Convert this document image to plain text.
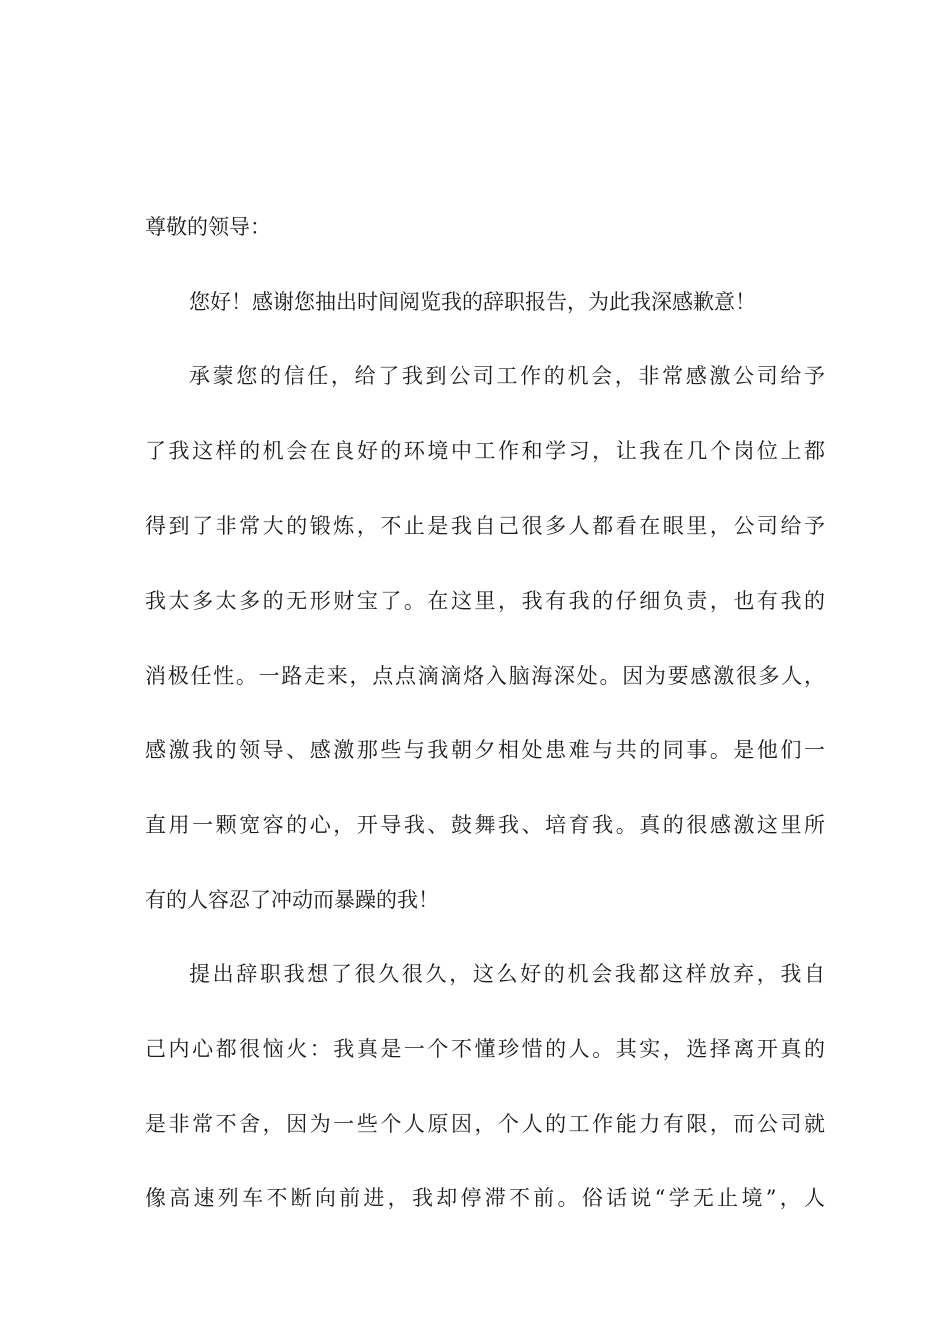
尊敬的领导：
您好！感谢您抽出时间阅览我的辞职报告，为此我深感歉意！
承蒙您的信任，给了我到公司工作的机会，非常感激公司给予
了我这样的机会在良好的环境中工作和学习，让我在几个岗位上都
得到了非常大的锻炼，不止是我自己很多人都看在眼里，公司给予
我太多太多的无形财宝了。在这里，我有我的仔细负责，也有我的
消极任性。一路走来，点点滴滴烙入脑海深处。因为要感激很多人，
感激我的领导、感激那些与我朝夕相处患难与共的同事。是他们一
直用一颗宽容的心，开导我、鼓舞我、培育我。真的很感激这里所
有的人容忍了冲动而暴躁的我！
提出辞职我想了很久很久，这么好的机会我都这样放弃，我自
己内心都很恼火：我真是一个不懂珍惜的人。其实，选择离开真的
是非常不舍，因为一些个人原因，个人的工作能力有限，而公司就
像高速列车不断向前进，我却停滞不前。俗话说“学无止境”，人
